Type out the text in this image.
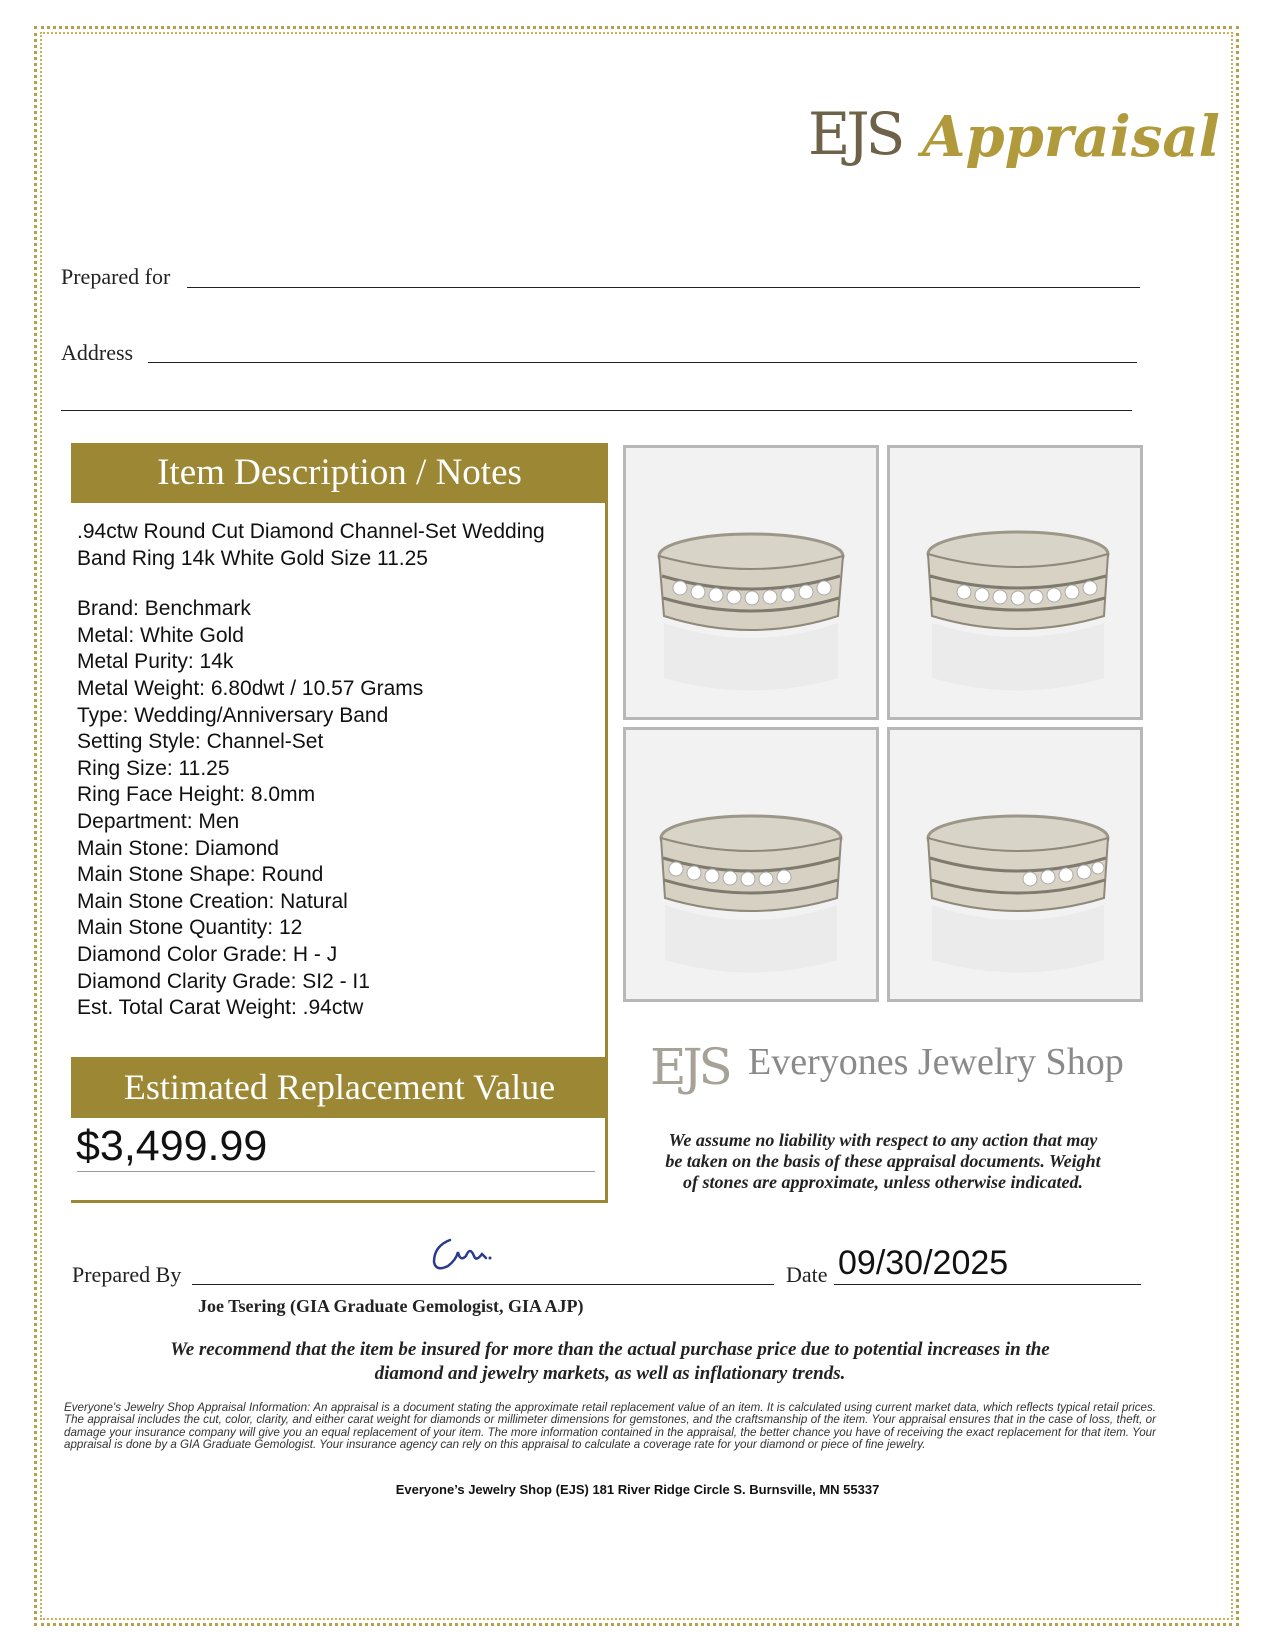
EJS Appraisal
Prepared for
Address
Item Description / Notes
.94ctw Round Cut Diamond Channel-Set Wedding
Band Ring 14k White Gold Size 11.25
Brand: Benchmark
Metal: White Gold
Metal Purity: 14k
Metal Weight: 6.80dwt / 10.57 Grams
Type: Wedding/Anniversary Band
Setting Style: Channel-Set
Ring Size: 11.25
Ring Face Height: 8.0mm
Department: Men
Main Stone: Diamond
Main Stone Shape: Round
Main Stone Creation: Natural
Main Stone Quantity: 12
Diamond Color Grade: H - J
Diamond Clarity Grade: SI2 - I1
Est. Total Carat Weight: .94ctw
Estimated Replacement Value
$3,499.99
EJS Everyones Jewelry Shop
We assume no liability with respect to any action that may
be taken on the basis of these appraisal documents. Weight
of stones are approximate, unless otherwise indicated.
Prepared By
Joe Tsering (GIA Graduate Gemologist, GIA AJP)
Date 09/30/2025
We recommend that the item be insured for more than the actual purchase price due to potential increases in the
diamond and jewelry markets, as well as inflationary trends.
Everyone's Jewelry Shop Appraisal Information: An appraisal is a document stating the approximate retail replacement value of an item. It is calculated using current market data, which reflects typical retail prices. The appraisal includes the cut, color, clarity, and either carat weight for diamonds or millimeter dimensions for gemstones, and the craftsmanship of the item. Your appraisal ensures that in the case of loss, theft, or damage your insurance company will give you an equal replacement of your item. The more information contained in the appraisal, the better chance you have of receiving the exact replacement for that item. Your appraisal is done by a GIA Graduate Gemologist. Your insurance agency can rely on this appraisal to calculate a coverage rate for your diamond or piece of fine jewelry.
Everyone’s Jewelry Shop (EJS) 181 River Ridge Circle S. Burnsville, MN 55337
